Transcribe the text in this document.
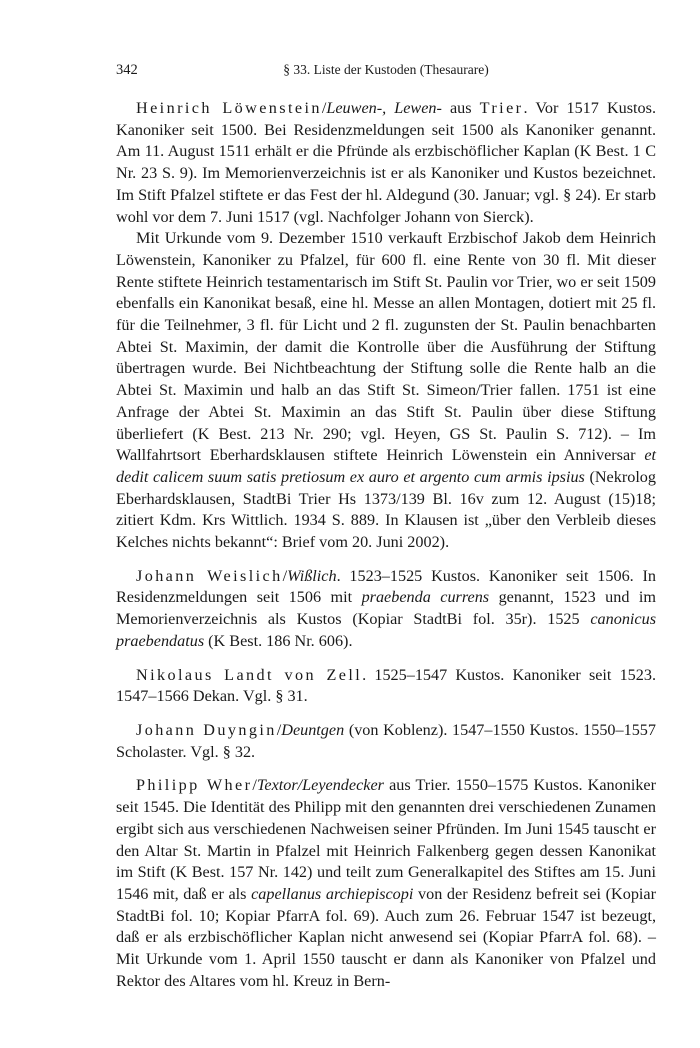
342	§ 33. Liste der Kustoden (Thesaurare)

Heinrich Löwenstein/Leuwen-, Lewen- aus Trier. Vor 1517 Kustos. Kanoniker seit 1500. Bei Residenzmeldungen seit 1500 als Kanoniker genannt. Am 11. August 1511 erhält er die Pfründe als erzbischöflicher Kaplan (K Best. 1 C Nr. 23 S. 9). Im Memorienverzeichnis ist er als Kanoniker und Kustos bezeichnet. Im Stift Pfalzel stiftete er das Fest der hl. Aldegund (30. Januar; vgl. § 24). Er starb wohl vor dem 7. Juni 1517 (vgl. Nachfolger Johann von Sierck).

Mit Urkunde vom 9. Dezember 1510 verkauft Erzbischof Jakob dem Heinrich Löwenstein, Kanoniker zu Pfalzel, für 600 fl. eine Rente von 30 fl. Mit dieser Rente stiftete Heinrich testamentarisch im Stift St. Paulin vor Trier, wo er seit 1509 ebenfalls ein Kanonikat besaß, eine hl. Messe an allen Montagen, dotiert mit 25 fl. für die Teilnehmer, 3 fl. für Licht und 2 fl. zugunsten der St. Paulin benachbarten Abtei St. Maximin, der damit die Kontrolle über die Ausführung der Stiftung übertragen wurde. Bei Nichtbeachtung der Stiftung solle die Rente halb an die Abtei St. Maximin und halb an das Stift St. Simeon/Trier fallen. 1751 ist eine Anfrage der Abtei St. Maximin an das Stift St. Paulin über diese Stiftung überliefert (K Best. 213 Nr. 290; vgl. Heyen, GS St. Paulin S. 712). – Im Wallfahrtsort Eberhardsklausen stiftete Heinrich Löwenstein ein Anniversar et dedit calicem suum satis pretiosum ex auro et argento cum armis ipsius (Nekrolog Eberhardsklausen, StadtBi Trier Hs 1373/139 Bl. 16v zum 12. August (15)18; zitiert Kdm. Krs Wittlich. 1934 S. 889. In Klausen ist „über den Verbleib dieses Kelches nichts bekannt“: Brief vom 20. Juni 2002).

Johann Weislich/Wißlich. 1523–1525 Kustos. Kanoniker seit 1506. In Residenzmeldungen seit 1506 mit praebenda currens genannt, 1523 und im Memorienverzeichnis als Kustos (Kopiar StadtBi fol. 35r). 1525 canonicus praebendatus (K Best. 186 Nr. 606).

Nikolaus Landt von Zell. 1525–1547 Kustos. Kanoniker seit 1523. 1547–1566 Dekan. Vgl. § 31.

Johann Duyngin/Deuntgen (von Koblenz). 1547–1550 Kustos. 1550–1557 Scholaster. Vgl. § 32.

Philipp Wher/Textor/Leyendecker aus Trier. 1550–1575 Kustos. Kanoniker seit 1545. Die Identität des Philipp mit den genannten drei verschiedenen Zunamen ergibt sich aus verschiedenen Nachweisen seiner Pfründen. Im Juni 1545 tauscht er den Altar St. Martin in Pfalzel mit Heinrich Falkenberg gegen dessen Kanonikat im Stift (K Best. 157 Nr. 142) und teilt zum Generalkapitel des Stiftes am 15. Juni 1546 mit, daß er als capellanus archiepiscopi von der Residenz befreit sei (Kopiar StadtBi fol. 10; Kopiar PfarrA fol. 69). Auch zum 26. Februar 1547 ist bezeugt, daß er als erzbischöflicher Kaplan nicht anwesend sei (Kopiar PfarrA fol. 68). – Mit Urkunde vom 1. April 1550 tauscht er dann als Kanoniker von Pfalzel und Rektor des Altares vom hl. Kreuz in Bern-
